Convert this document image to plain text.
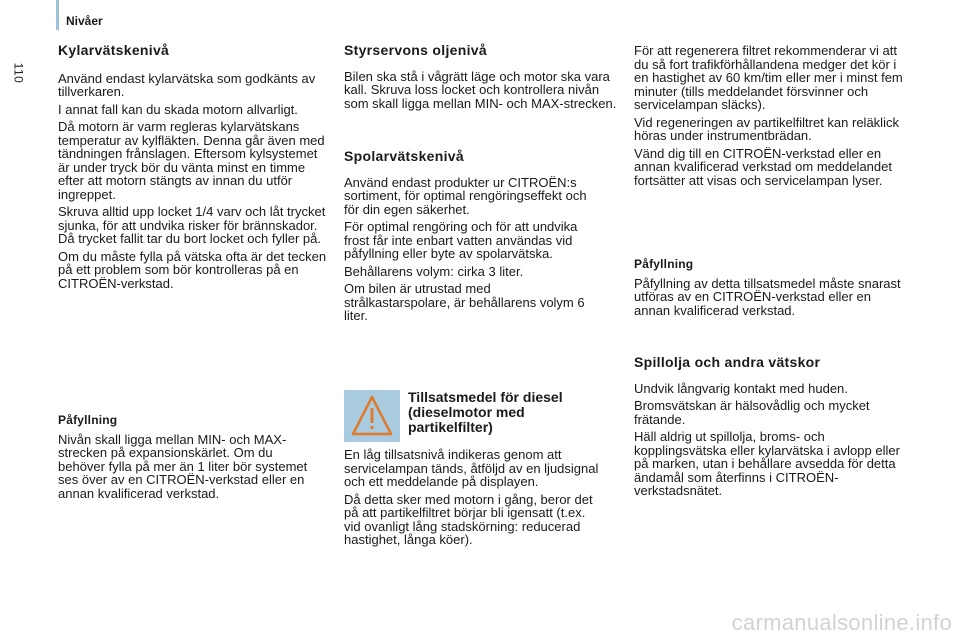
Nivåer
110
Kylarvätskenivå

Använd endast kylarvätska som godkänts av tillverkaren.

I annat fall kan du skada motorn allvarligt.

Då motorn är varm regleras kylarvätskans temperatur av kylfläkten. Denna går även med tändningen frånslagen. Eftersom kylsystemet är under tryck bör du vänta minst en timme efter att motorn stängts av innan du utför ingreppet.

Skruva alltid upp locket 1/4 varv och låt trycket sjunka, för att undvika risker för brännskador. Då trycket fallit tar du bort locket och fyller på.

Om du måste fylla på vätska ofta är det tecken på ett problem som bör kontrolleras på en CITROËN-verkstad.

Påfyllning

Nivån skall ligga mellan MIN- och MAX-strecken på expansionskärlet. Om du behöver fylla på mer än 1 liter bör systemet ses över av en CITROËN-verkstad eller en annan kvalificerad verkstad.

Styrservons oljenivå

Bilen ska stå i vågrätt läge och motor ska vara kall. Skruva loss locket och kontrollera nivån som skall ligga mellan MIN- och MAX-strecken.

Spolarvätskenivå

Använd endast produkter ur CITROËN:s sortiment, för optimal rengöringseffekt och för din egen säkerhet.

För optimal rengöring och för att undvika frost får inte enbart vatten användas vid påfyllning eller byte av spolarvätska.

Behållarens volym: cirka 3 liter.

Om bilen är utrustad med strålkastarspolare, är behållarens volym 6 liter.

Tillsatsmedel för diesel (dieselmotor med partikelfilter)

En låg tillsatsnivå indikeras genom att servicelampan tänds, åtföljd av en ljudsignal och ett meddelande på displayen.

Då detta sker med motorn i gång, beror det på att partikelfiltret börjar bli igensatt (t.ex. vid ovanligt lång stadskörning: reducerad hastighet, långa köer).

För att regenerera filtret rekommenderar vi att du så fort trafikförhållandena medger det kör i en hastighet av 60 km/tim eller mer i minst fem minuter (tills meddelandet försvinner och servicelampan släcks).

Vid regeneringen av partikelfiltret kan reläklick höras under instrumentbrädan.

Vänd dig till en CITROËN-verkstad eller en annan kvalificerad verkstad om meddelandet fortsätter att visas och servicelampan lyser.

Påfyllning

Påfyllning av detta tillsatsmedel måste snarast utföras av en CITROËN-verkstad eller en annan kvalificerad verkstad.

Spillolja och andra vätskor

Undvik långvarig kontakt med huden.

Bromsvätskan är hälsovådlig och mycket frätande.

Häll aldrig ut spillolja, broms- och kopplingsvätska eller kylarvätska i avlopp eller på marken, utan i behållare avsedda för detta ändamål som återfinns i CITROËN-verkstadsnätet.

carmanualsonline.info
